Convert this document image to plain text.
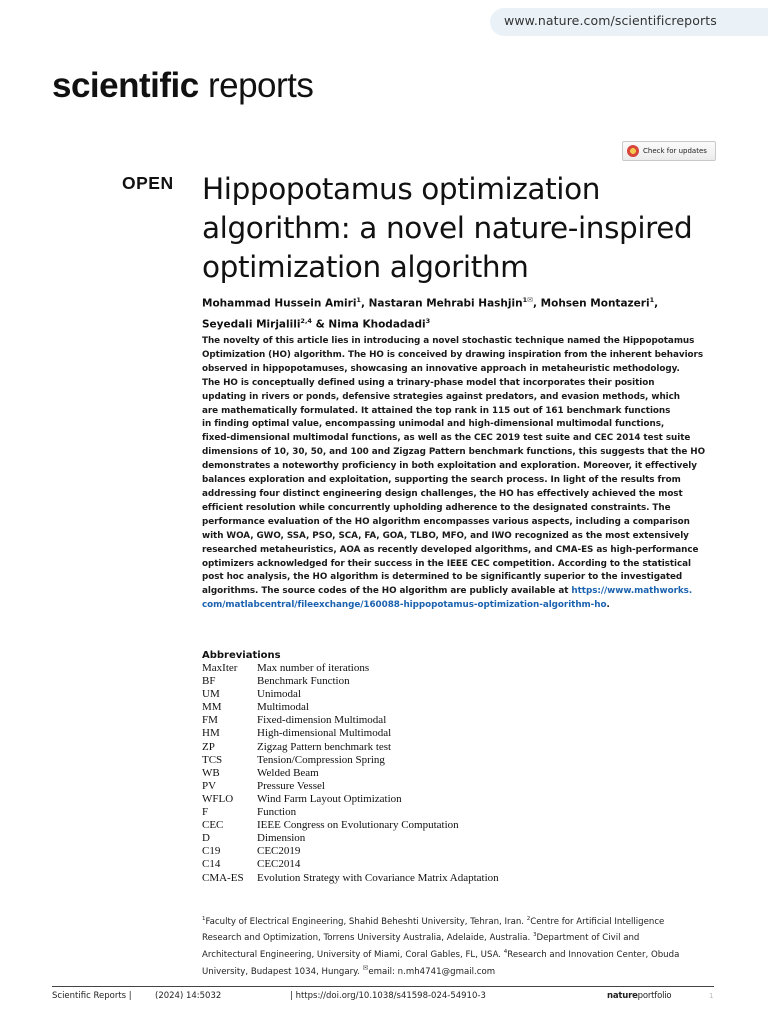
www.nature.com/scientificreports
scientific reports
Check for updates
OPEN Hippopotamus optimization
algorithm: a novel nature-inspired
optimization algorithm
Mohammad Hussein Amiri$^1$, Nastaran Mehrabi Hashjin$^{1✉}$, Mohsen Montazeri$^1$,
Seyedali Mirjalili$^{2,4}$ & Nima Khodadadi$^3$

The novelty of this article lies in introducing a novel stochastic technique named the Hippopotamus
Optimization (HO) algorithm. The HO is conceived by drawing inspiration from the inherent behaviors
observed in hippopotamuses, showcasing an innovative approach in metaheuristic methodology.
The HO is conceptually defined using a trinary-phase model that incorporates their position
updating in rivers or ponds, defensive strategies against predators, and evasion methods, which
are mathematically formulated. It attained the top rank in 115 out of 161 benchmark functions
in finding optimal value, encompassing unimodal and high-dimensional multimodal functions,
fixed-dimensional multimodal functions, as well as the CEC 2019 test suite and CEC 2014 test suite
dimensions of 10, 30, 50, and 100 and Zigzag Pattern benchmark functions, this suggests that the HO
demonstrates a noteworthy proficiency in both exploitation and exploration. Moreover, it effectively
balances exploration and exploitation, supporting the search process. In light of the results from
addressing four distinct engineering design challenges, the HO has effectively achieved the most
efficient resolution while concurrently upholding adherence to the designated constraints. The
performance evaluation of the HO algorithm encompasses various aspects, including a comparison
with WOA, GWO, SSA, PSO, SCA, FA, GOA, TLBO, MFO, and IWO recognized as the most extensively
researched metaheuristics, AOA as recently developed algorithms, and CMA-ES as high-performance
optimizers acknowledged for their success in the IEEE CEC competition. According to the statistical
post hoc analysis, the HO algorithm is determined to be significantly superior to the investigated
algorithms. The source codes of the HO algorithm are publicly available at https://www.mathworks.
com/matlabcentral/fileexchange/160088-hippopotamus-optimization-algorithm-ho.

Abbreviations
MaxIter	Max number of iterations
BF	Benchmark Function
UM	Unimodal
MM	Multimodal
FM	Fixed-dimension Multimodal
HM	High-dimensional Multimodal
ZP	Zigzag Pattern benchmark test
TCS	Tension/Compression Spring
WB	Welded Beam
PV	Pressure Vessel
WFLO	Wind Farm Layout Optimization
F	Function
CEC	IEEE Congress on Evolutionary Computation
D	Dimension
C19	CEC2019
C14	CEC2014
CMA-ES	Evolution Strategy with Covariance Matrix Adaptation
$^1$Faculty of Electrical Engineering, Shahid Beheshti University, Tehran, Iran. $^2$Centre for Artificial Intelligence
Research and Optimization, Torrens University Australia, Adelaide, Australia. $^3$Department of Civil and
Architectural Engineering, University of Miami, Coral Gables, FL, USA. $^4$Research and Innovation Center, Obuda
University, Budapest 1034, Hungary. ✉email: n.mh4741@gmail.com
Scientific Reports |	(2024) 14:5032	| https://doi.org/10.1038/s41598-024-54910-3	natureportfolio	1
